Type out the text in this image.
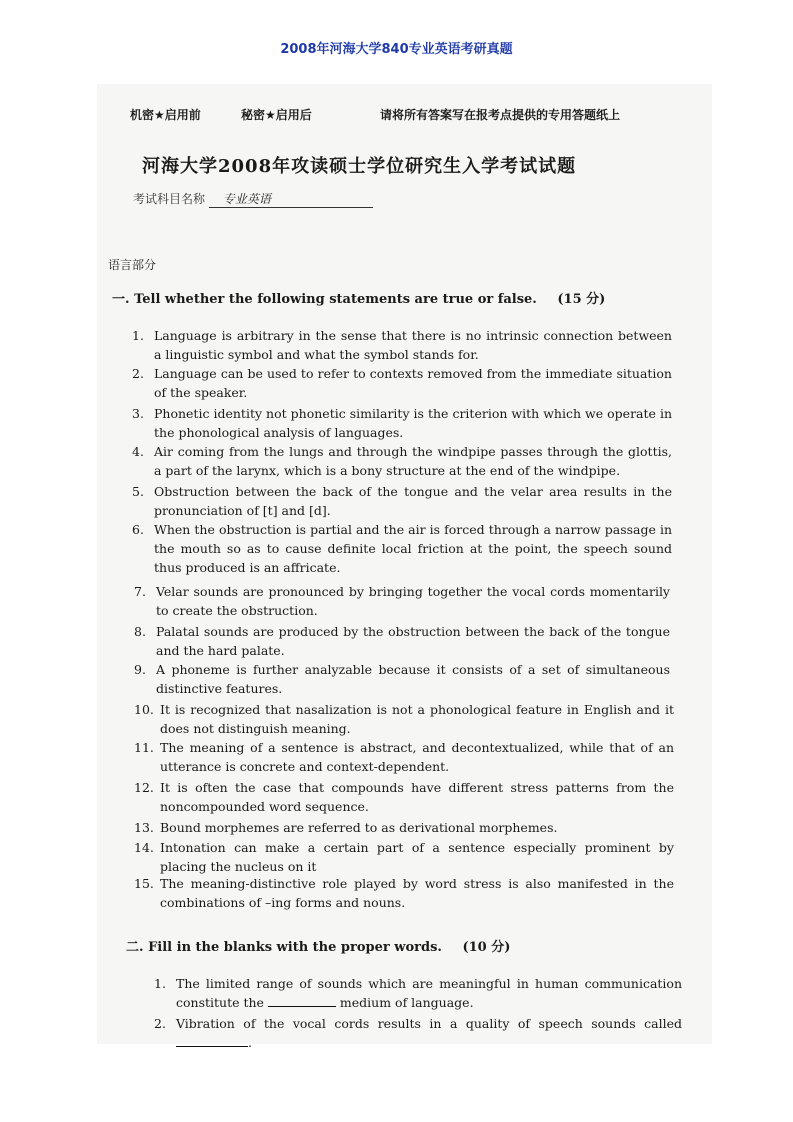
2008年河海大学840专业英语考研真题
机密★启用前	秘密★启用后	请将所有答案写在报考点提供的专用答题纸上
河海大学2008年攻读硕士学位研究生入学考试试题
考试科目名称 专业英语
语言部分
一. Tell whether the following statements are true or false. (15 分)
1. Language is arbitrary in the sense that there is no intrinsic connection between a linguistic symbol and what the symbol stands for.
2. Language can be used to refer to contexts removed from the immediate situation of the speaker.
3. Phonetic identity not phonetic similarity is the criterion with which we operate in the phonological analysis of languages.
4. Air coming from the lungs and through the windpipe passes through the glottis, a part of the larynx, which is a bony structure at the end of the windpipe.
5. Obstruction between the back of the tongue and the velar area results in the pronunciation of [t] and [d].
6. When the obstruction is partial and the air is forced through a narrow passage in the mouth so as to cause definite local friction at the point, the speech sound thus produced is an affricate.
7. Velar sounds are pronounced by bringing together the vocal cords momentarily to create the obstruction.
8. Palatal sounds are produced by the obstruction between the back of the tongue and the hard palate.
9. A phoneme is further analyzable because it consists of a set of simultaneous distinctive features.
10. It is recognized that nasalization is not a phonological feature in English and it does not distinguish meaning.
11. The meaning of a sentence is abstract, and decontextualized, while that of an utterance is concrete and context-dependent.
12. It is often the case that compounds have different stress patterns from the noncompounded word sequence.
13. Bound morphemes are referred to as derivational morphemes.
14. Intonation can make a certain part of a sentence especially prominent by placing the nucleus on it
15. The meaning-distinctive role played by word stress is also manifested in the combinations of –ing forms and nouns.
二. Fill in the blanks with the proper words. (10 分)
1. The limited range of sounds which are meaningful in human communication constitute the	medium of language.
2. Vibration of the vocal cords results in a quality of speech sounds called .
